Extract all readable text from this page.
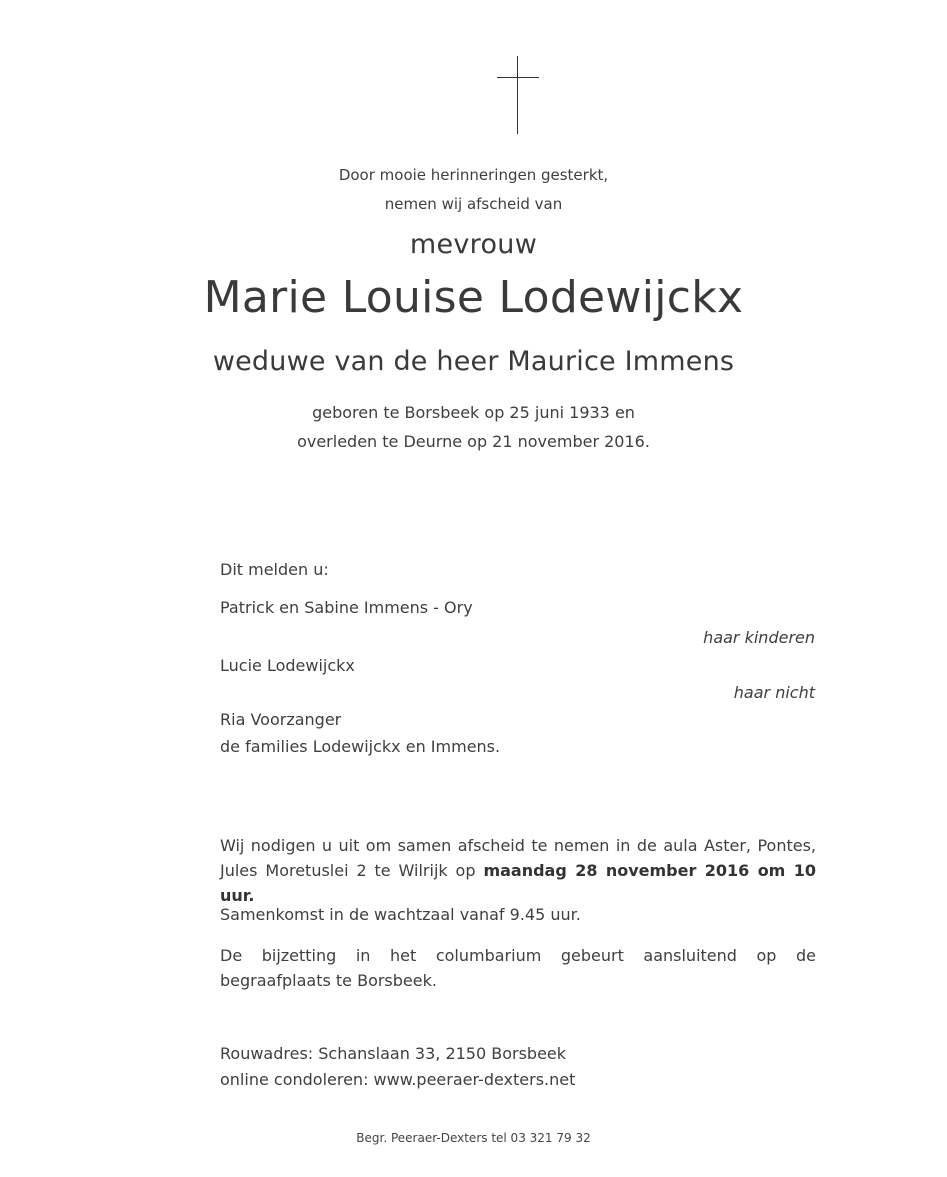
Door mooie herinneringen gesterkt,
nemen wij afscheid van
mevrouw
Marie Louise Lodewijckx
weduwe van de heer Maurice Immens
geboren te Borsbeek op 25 juni 1933 en
overleden te Deurne op 21 november 2016.
Dit melden u:
Patrick en Sabine Immens - Ory
haar kinderen
Lucie Lodewijckx
haar nicht
Ria Voorzanger
de families Lodewijckx en Immens.
Wij nodigen u uit om samen afscheid te nemen in de aula Aster, Pontes, Jules Moretuslei 2 te Wilrijk op maandag 28 november 2016 om 10 uur.
Samenkomst in de wachtzaal vanaf 9.45 uur.
De bijzetting in het columbarium gebeurt aansluitend op de begraafplaats te Borsbeek.
Rouwadres: Schanslaan 33, 2150 Borsbeek
online condoleren: www.peeraer-dexters.net
Begr. Peeraer-Dexters tel 03 321 79 32
